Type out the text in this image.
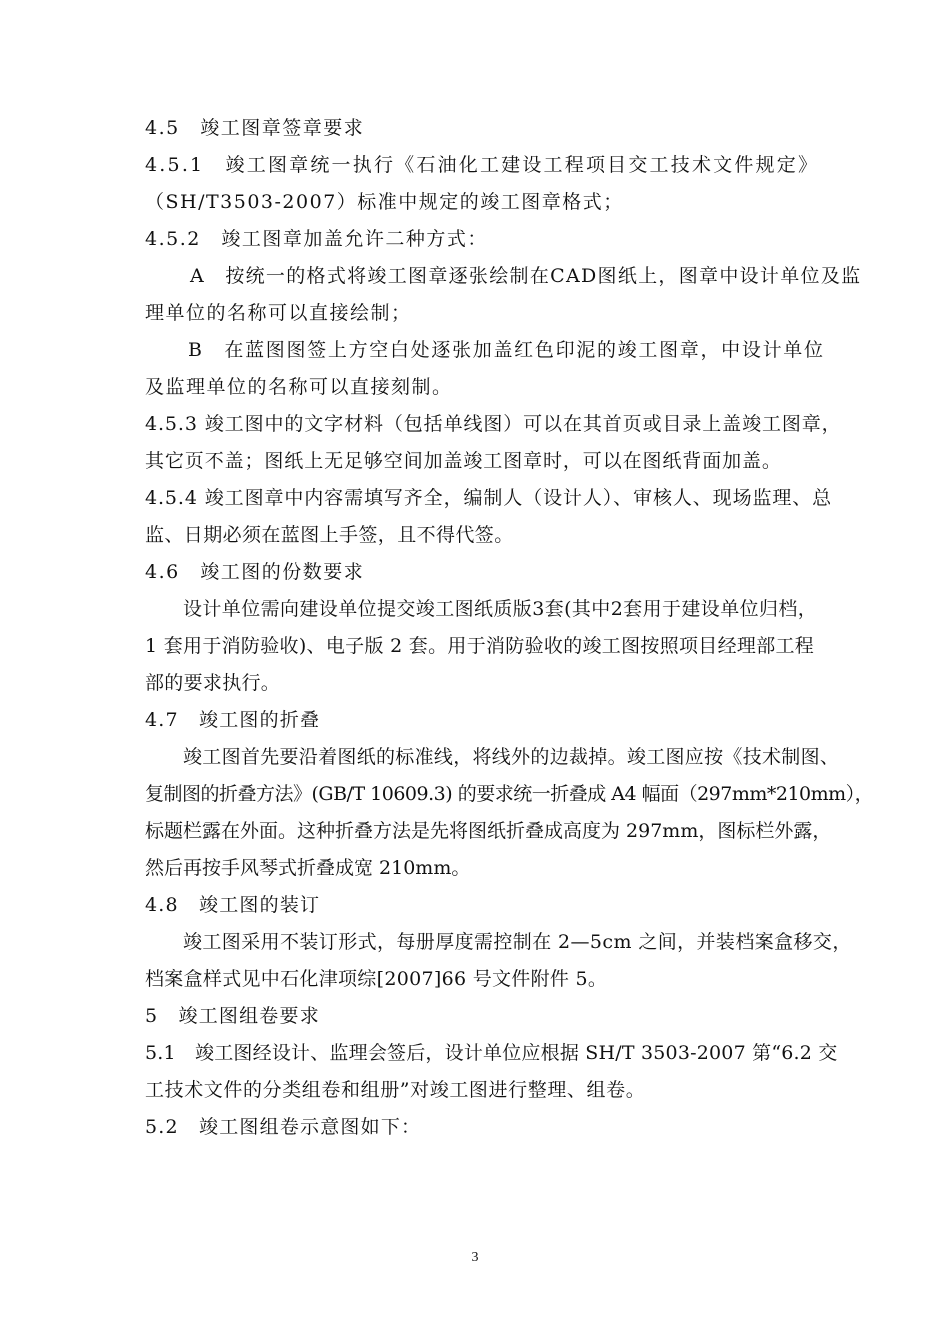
4.5　竣工图章签章要求
4.5.1　竣工图章统一执行《石油化工建设工程项目交工技术文件规定》
（SH/T3503-2007）标准中规定的竣工图章格式；
4.5.2　竣工图章加盖允许二种方式：
A　按统一的格式将竣工图章逐张绘制在CAD图纸上，图章中设计单位及监
理单位的名称可以直接绘制；
B　在蓝图图签上方空白处逐张加盖红色印泥的竣工图章，中设计单位
及监理单位的名称可以直接刻制。
4.5.3 竣工图中的文字材料（包括单线图）可以在其首页或目录上盖竣工图章，
其它页不盖；图纸上无足够空间加盖竣工图章时，可以在图纸背面加盖。
4.5.4 竣工图章中内容需填写齐全，编制人（设计人）、审核人、现场监理、总
监、日期必须在蓝图上手签，且不得代签。
4.6　竣工图的份数要求
设计单位需向建设单位提交竣工图纸质版3套(其中2套用于建设单位归档，
1 套用于消防验收)、电子版 2 套。用于消防验收的竣工图按照项目经理部工程
部的要求执行。
4.7　竣工图的折叠
竣工图首先要沿着图纸的标准线，将线外的边裁掉。竣工图应按《技术制图、
复制图的折叠方法》(GB/T 10609.3) 的要求统一折叠成 A4 幅面（297mm*210mm），
标题栏露在外面。这种折叠方法是先将图纸折叠成高度为 297mm，图标栏外露，
然后再按手风琴式折叠成宽 210mm。
4.8　竣工图的装订
竣工图采用不装订形式，每册厚度需控制在 2—5cm 之间，并装档案盒移交，
档案盒样式见中石化津项综[2007]66 号文件附件 5。
5　竣工图组卷要求
5.1　竣工图经设计、监理会签后，设计单位应根据 SH/T 3503-2007 第“6.2 交
工技术文件的分类组卷和组册”对竣工图进行整理、组卷。
5.2　竣工图组卷示意图如下：
3
